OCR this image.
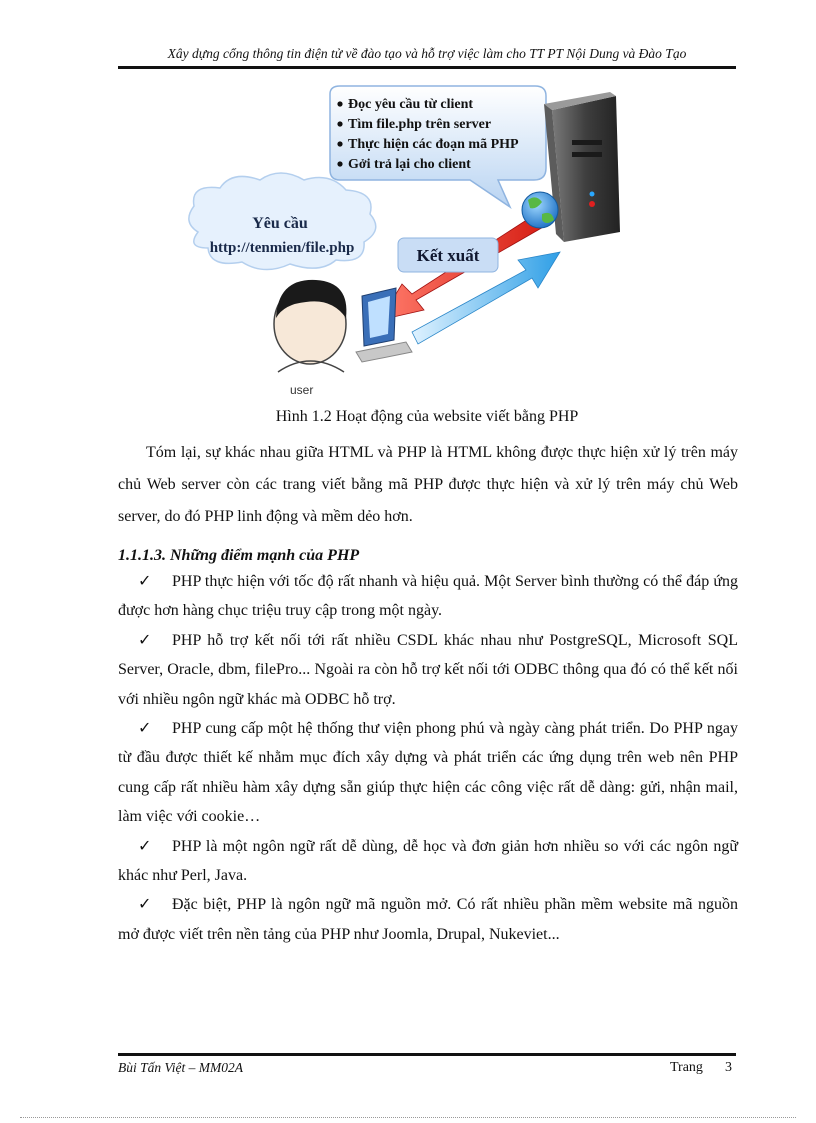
Xây dựng cổng thông tin điện tử về đào tạo và hỗ trợ việc làm cho TT PT Nội Dung và Đào Tạo
Đọc yêu cầu từ client
Tìm file.php trên server
Thực hiện các đoạn mã PHP
Gởi trả lại cho client
Yêu cầu
http://tenmien/file.php	Kết xuất
user
Hình 1.2 Hoạt động của website viết bằng PHP
Tóm lại, sự khác nhau giữa HTML và PHP là HTML không được thực hiện xử lý trên máy chủ Web server còn các trang viết bằng mã PHP được thực hiện và xử lý trên máy chủ Web server, do đó PHP linh động và mềm dẻo hơn.
1.1.1.3. Những điểm mạnh của PHP
✓ PHP thực hiện với tốc độ rất nhanh và hiệu quả. Một Server bình thường có thể đáp ứng được hơn hàng chục triệu truy cập trong một ngày.
✓ PHP hỗ trợ kết nối tới rất nhiều CSDL khác nhau như PostgreSQL, Microsoft SQL Server, Oracle, dbm, filePro... Ngoài ra còn hỗ trợ kết nối tới ODBC thông qua đó có thể kết nối với nhiều ngôn ngữ khác mà ODBC hỗ trợ.
✓ PHP cung cấp một hệ thống thư viện phong phú và ngày càng phát triển. Do PHP ngay từ đầu được thiết kế nhằm mục đích xây dựng và phát triển các ứng dụng trên web nên PHP cung cấp rất nhiều hàm xây dựng sẵn giúp thực hiện các công việc rất dễ dàng: gửi, nhận mail, làm việc với cookie…
✓ PHP là một ngôn ngữ rất dễ dùng, dễ học và đơn giản hơn nhiều so với các ngôn ngữ khác như Perl, Java.
✓ Đặc biệt, PHP là ngôn ngữ mã nguồn mở. Có rất nhiều phần mềm website mã nguồn mở được viết trên nền tảng của PHP như Joomla, Drupal, Nukeviet...
Bùi Tấn Việt – MM02A	Trang 3
